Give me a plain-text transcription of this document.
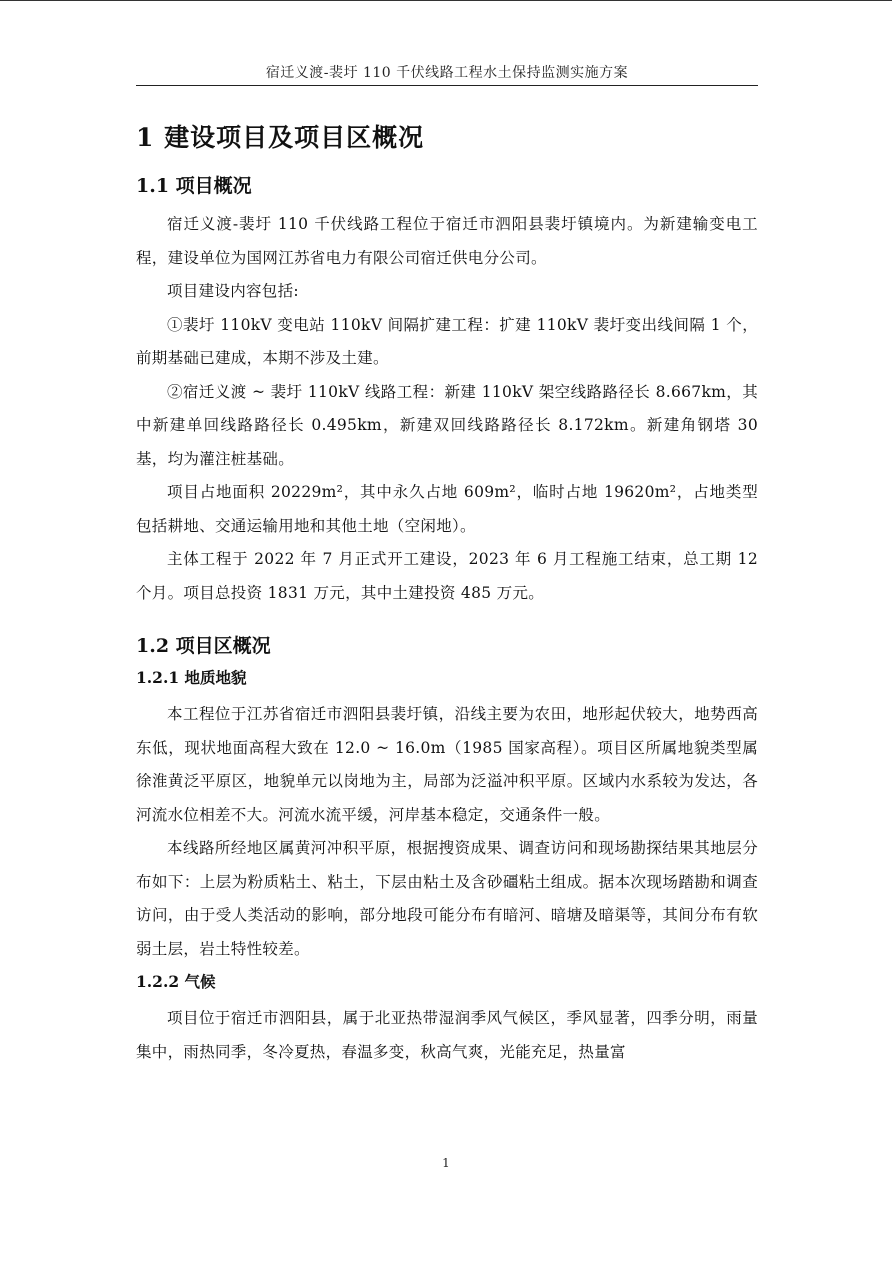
宿迁义渡-裴圩 110 千伏线路工程水土保持监测实施方案
1 建设项目及项目区概况
1.1 项目概况

宿迁义渡-裴圩 110 千伏线路工程位于宿迁市泗阳县裴圩镇境内。为新建输变电工程，建设单位为国网江苏省电力有限公司宿迁供电分公司。

项目建设内容包括:

①裴圩 110kV 变电站 110kV 间隔扩建工程：扩建 110kV 裴圩变出线间隔 1 个，前期基础已建成，本期不涉及土建。

②宿迁义渡 ~ 裴圩 110kV 线路工程：新建 110kV 架空线路路径长 8.667km，其中新建单回线路路径长 0.495km，新建双回线路路径长 8.172km。新建角钢塔 30 基，均为灌注桩基础。

项目占地面积 20229m²，其中永久占地 609m²，临时占地 19620m²，占地类型包括耕地、交通运输用地和其他土地（空闲地）。

主体工程于 2022 年 7 月正式开工建设，2023 年 6 月工程施工结束，总工期 12 个月。项目总投资 1831 万元，其中土建投资 485 万元。

1.2 项目区概况
1.2.1 地质地貌

本工程位于江苏省宿迁市泗阳县裴圩镇，沿线主要为农田，地形起伏较大，地势西高东低，现状地面高程大致在 12.0 ~ 16.0m（1985 国家高程）。项目区所属地貌类型属徐淮黄泛平原区，地貌单元以岗地为主，局部为泛溢冲积平原。区域内水系较为发达，各河流水位相差不大。河流水流平缓，河岸基本稳定，交通条件一般。

本线路所经地区属黄河冲积平原，根据搜资成果、调查访问和现场勘探结果其地层分布如下：上层为粉质粘土、粘土，下层由粘土及含砂礓粘土组成。据本次现场踏勘和调查访问，由于受人类活动的影响，部分地段可能分布有暗河、暗塘及暗渠等，其间分布有软弱土层，岩土特性较差。

1.2.2 气候

项目位于宿迁市泗阳县，属于北亚热带湿润季风气候区，季风显著，四季分明，雨量集中，雨热同季，冬冷夏热，春温多变，秋高气爽，光能充足，热量富

1
